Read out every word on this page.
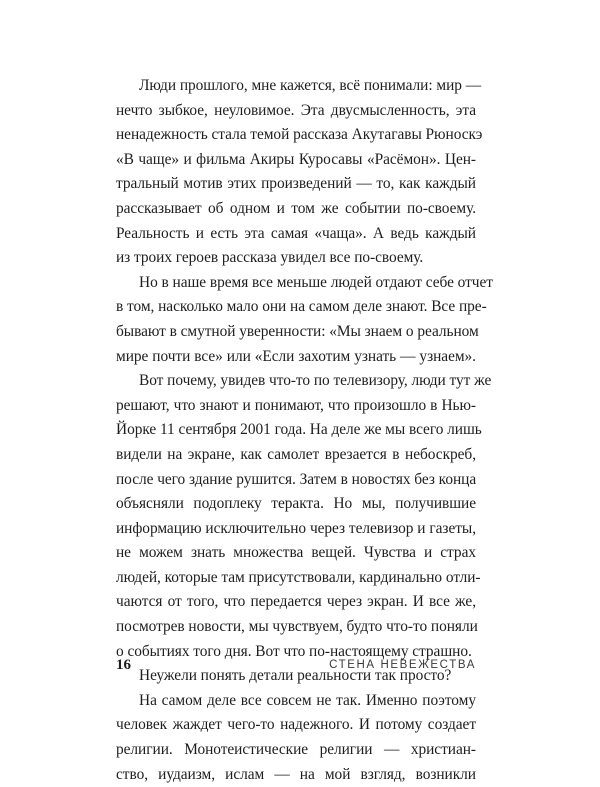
Люди прошлого, мне кажется, всё понимали: мир —
нечто зыбкое, неуловимое. Эта двусмысленность, эта
ненадежность стала темой рассказа Акутагавы Рюноскэ
«В чаще» и фильма Акиры Куросавы «Расёмон». Цен-
тральный мотив этих произведений — то, как каждый
рассказывает об одном и том же событии по-своему.
Реальность и есть эта самая «чаща». А ведь каждый
из троих героев рассказа увидел все по-своему.

Но в наше время все меньше людей отдают себе отчет
в том, насколько мало они на самом деле знают. Все пре-
бывают в смутной уверенности: «Мы знаем о реальном
мире почти все» или «Если захотим узнать — узнаем».

Вот почему, увидев что-то по телевизору, люди тут же
решают, что знают и понимают, что произошло в Нью-
Йорке 11 сентября 2001 года. На деле же мы всего лишь
видели на экране, как самолет врезается в небоскреб,
после чего здание рушится. Затем в новостях без конца
объясняли подоплеку теракта. Но мы, получившие
информацию исключительно через телевизор и газеты,
не можем знать множества вещей. Чувства и страх
людей, которые там присутствовали, кардинально отли-
чаются от того, что передается через экран. И все же,
посмотрев новости, мы чувствуем, будто что-то поняли
о событиях того дня. Вот что по-настоящему страшно.

Неужели понять детали реальности так просто?

На самом деле все совсем не так. Именно поэтому
человек жаждет чего-то надежного. И потому создает
религии. Монотеистические религии — христиан-
ство, иудаизм, ислам — на мой взгляд, возникли

16	СТЕНА НЕВЕЖЕСТВА
